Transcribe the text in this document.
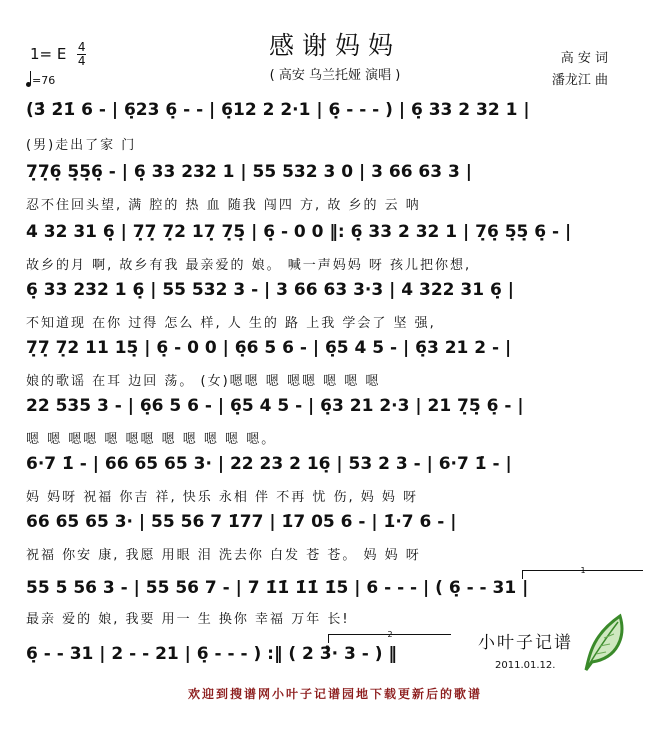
感谢妈妈
( 高安 乌兰托娅 演唱 )
1= E $\frac{4}{4}$
=76
高 安 词
潘龙江 曲
(3̇ 2̇1̇ 6 - | 6̣23 6̣ - - | 6̣12 2 2·1 | 6̣ - - - ) | 6̣ 33 2 32 1 |
(男)走出了家 门
7̣7̣6̣ 5̣5̣6̣ - | 6̣ 33 232 1 | 55 532 3 0 | 3 66 63 3 |
忍不住回头望, 满 腔的 热 血 随我 闯四 方, 故 乡的 云 呐
4 32 31 6̣ | 7̣7̣ 7̣2 17̣ 7̣5̣ | 6̣ - 0 0 ‖: 6̣ 33 2 32 1 | 7̣6̣ 5̣5̣ 6̣ - |
故乡的月 啊, 故乡有我 最亲爱的 娘。 喊一声妈妈 呀 孩儿把你想,
6̣ 33 232 1 6̣ | 55 532 3 - | 3 66 63 3·3 | 4 322 31 6̣ |
不知道现 在你 过得 怎么 样, 人 生的 路 上我 学会了 坚 强,
7̣7̣ 7̣2 11 15̣ | 6̣ - 0 0 | 6̣6 5 6 - | 6̣5 4 5 - | 6̣3 21 2 - |
娘的歌谣 在耳 边回 荡。 (女)嗯嗯 嗯 嗯嗯 嗯 嗯 嗯
22 535 3 - | 6̣6 5 6 - | 6̣5 4 5 - | 6̣3 21 2·3 | 21 7̣5̣ 6̣ - |
嗯 嗯 嗯嗯 嗯 嗯嗯 嗯 嗯 嗯 嗯 嗯。
6·7 1̇ - | 66 65 65 3· | 22 23 2 16̣ | 53 2 3 - | 6·7 1̇ - |
妈 妈呀 祝福 你吉 祥, 快乐 永相 伴 不再 忧 伤, 妈 妈 呀
66 65 65 3· | 55 56 7 1̇77 | 1̇7 05 6 - | 1̇·7 6 - |
祝福 你安 康, 我愿 用眼 泪 洗去你 白发 苍 苍。 妈 妈 呀
1
55 5 56 3 - | 55 56 7 - | 7 1̇1̇ 1̇1̇ 1̇5 | 6 - - - | ( 6̣ - - 31 |
最亲 爱的 娘, 我要 用一 生 换你 幸福 万年 长!
2
6̣ - - 31 | 2 - - 21 | 6̣ - - - ) :‖ ( 2 3̂· 3 - ) ‖
小叶子记谱
2011.01.12.
欢迎到搜谱网小叶子记谱园地下载更新后的歌谱
